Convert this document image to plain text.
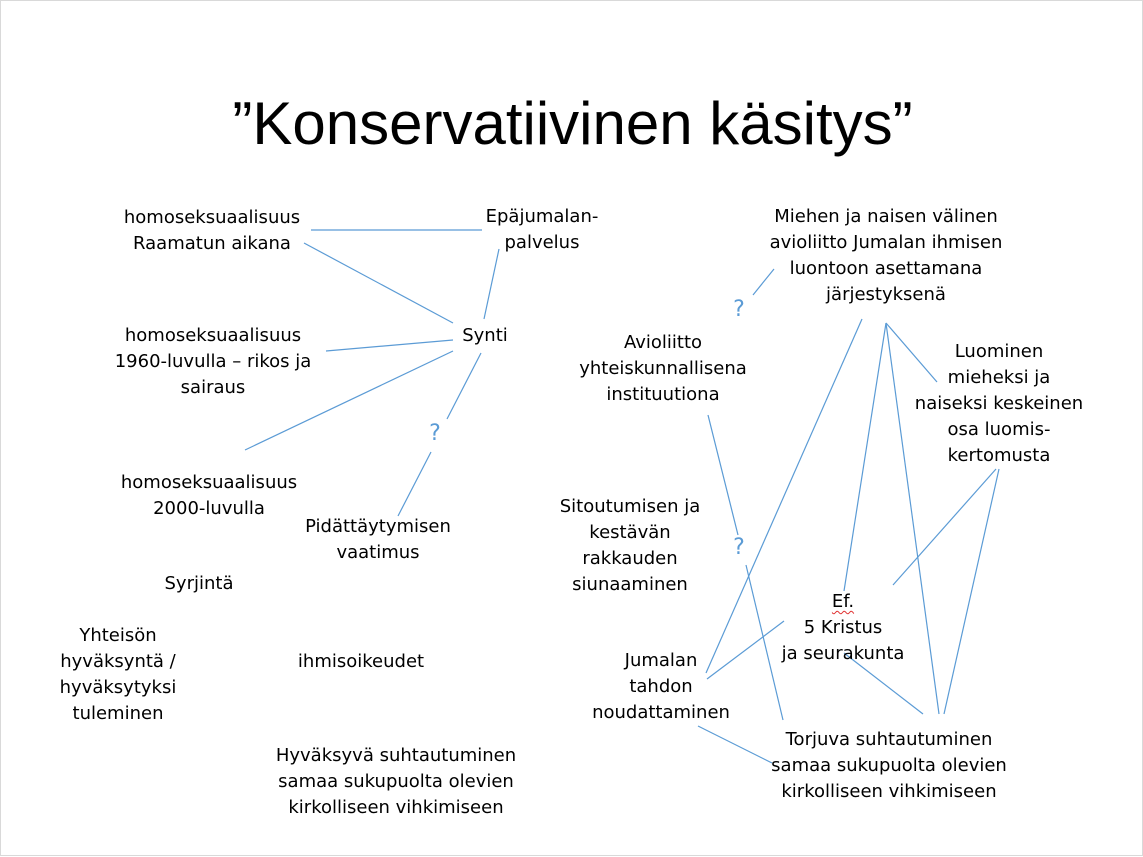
”Konservatiivinen käsitys”
homoseksuaalisuus
Raamatun aikana
Epäjumalan-
palvelus
homoseksuaalisuus
1960-luvulla – rikos ja
sairaus
Synti
homoseksuaalisuus
2000-luvulla
Pidättäytymisen
vaatimus
Syrjintä
Yhteisön
hyväksyntä /
hyväksytyksi
tuleminen
ihmisoikeudet
Hyväksyvä suhtautuminen
samaa sukupuolta olevien
kirkolliseen vihkimiseen
Miehen ja naisen välinen
avioliitto Jumalan ihmisen
luontoon asettamana
järjestyksenä
Avioliitto
yhteiskunnallisena
instituutiona
Luominen
mieheksi ja
naiseksi keskeinen
osa luomis-
kertomusta
Sitoutumisen ja
kestävän
rakkauden
siunaaminen
Ef.
5 Kristus
ja seurakunta
Jumalan
tahdon
noudattaminen
Torjuva suhtautuminen
samaa sukupuolta olevien
kirkolliseen vihkimiseen
?
?
?
